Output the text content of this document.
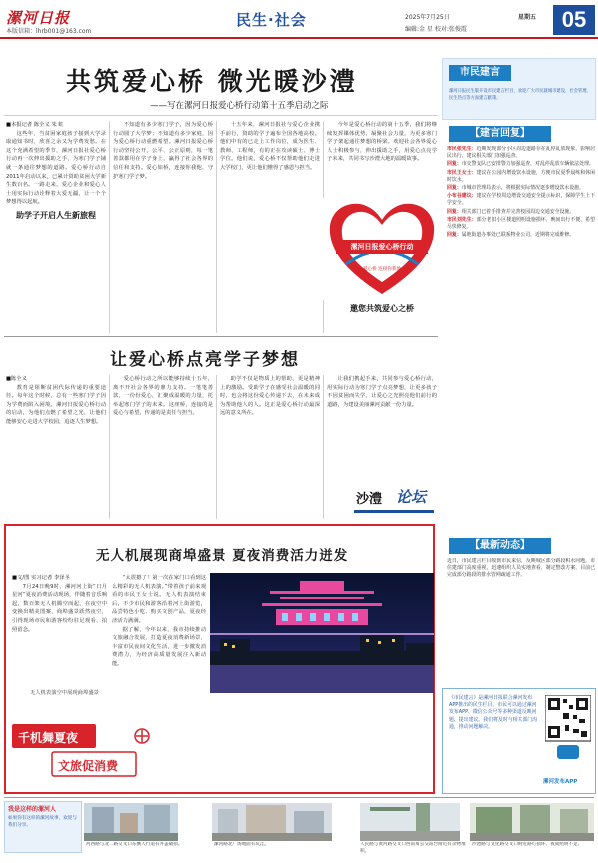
漯河日报
本版信箱：lhrb001@163.com
民生·社会	2025年7月25日	星期五
编辑:金 星 校对:张俊霞	05
共筑爱心桥 微光暖沙澧
——写在漯河日报爱心桥行动第十五季启动之际
■本报记者 陈全义 朱 虹

这些年，当贫困家庭孩子接到大学录取通知书时，欣喜之余又为学费发愁。在这个充满希望的季节，漯河日报社爱心桥行动再一次伸出援助之手，为寒门学子铺就一条通往梦想的道路。爱心桥行动自2011年启动以来，已累计资助贫困大学新生数百名。一路走来，爱心企业和爱心人士用实际行动诠释着大爱无疆，让一个个梦想得以起航。

助学子开启人生新旅程

不知道有多少寒门学子，因为爱心桥行动圆了大学梦；不知道有多少家庭，因为爱心桥行动重燃希望。漯河日报爱心桥行动坚持公开、公平、公正原则，每一笔善款都用在学子身上，赢得了社会各界的信任和支持。爱心如桥，连接你我他，守护寒门学子梦。

十五年来，漯河日报社与爱心企业携手前行，资助的学子遍布全国各地高校。他们中有的已走上工作岗位，成为医生、教师、工程师，有的正在攻读硕士、博士学位。他们说，爱心桥不仅帮助他们走进大学校门，更让他们懂得了感恩与担当。

今年是爱心桥行动的第十五季，我们将继续发挥媒体优势，凝聚社会力量，为更多寒门学子架起通往梦想的桥梁。欢迎社会各界爱心人士积极参与，伸出援助之手，用爱心点亮学子未来，共同书写沙澧大地的温暖故事。

邀您共筑爱心之桥
漯河日报爱心桥行动
爱心桥 连接你我他
让爱心桥点亮学子梦想
■陈全义

教育是阻断贫困代际传递的重要途径。每年这个时候，总有一些寒门学子因为学费而陷入困境。漯河日报爱心桥行动的启动，为他们点燃了希望之光，让他们能够安心走进大学校园，追逐人生梦想。

爱心桥行动之所以能够持续十五年，离不开社会各界的鼎力支持。一笔笔善款，一份份爱心，汇聚成温暖的力量，托举起寒门学子的未来。这座桥，连接的是爱心与希望，传递的是责任与担当。

助学不仅是物质上的帮助，更是精神上的激励。受助学子在感受社会温暖的同时，也会将这份爱心传递下去，在未来成为帮助他人的人。这正是爱心桥行动最深远的意义所在。

让我们携起手来，共同参与爱心桥行动，用实际行动为寒门学子点亮梦想，让更多孩子不因贫困而失学，让爱心之光照亮他们前行的道路，为建设美丽漯河贡献一份力量。

沙澧 论坛
无人机展现商埠盛景 夏夜消费活力迸发
■文/图 实习记者 李泽圣

7月24日晚9时，漯河河上街“日月星河”夏夜消费活动现场，伴随着音乐响起，数百架无人机腾空而起，在夜空中变换出精美图案，商埠盛景跃然夜空，引得现场市民和游客纷纷驻足观看、拍照留念。

“太震撼了！第一次在家门口看到这么精彩的无人机表演。”带着孩子前来观看的市民王女士说。无人机表演结束后，不少市民和游客沿着河上街游览，品尝特色小吃、购买文创产品，夏夜经济活力满满。

据了解，今年以来，我市持续推动文旅融合发展，打造夏夜消费新场景，丰富市民夜间文化生活，进一步激发消费潜力，为经济高质量发展注入新动能。

无人机表演空中展现商埠盛景
千机舞夏夜
文旅促消费
我是这样的漯河人
如果你有这样的漯河故事，欢迎与我们分享。
河西路与北二路交叉口东侧人行道有井盖破损。	漯河路北广场地面有坑洼。	人民路与黄河路交叉口西南角公交站台附近有杂物堆积。
沙澧路与文化路交叉口附近路灯损坏，夜间照明不足。
市民建言
漯河日报民生版开设市民建言栏目，欢迎广大市民就城市建设、社会管理、民生热点等方面建言献策。
【建言回复】

市民张先生：近期发现部分小区周边道路存在乱停乱放现象，影响居民出行，建议相关部门加强巡查。

回复：市交警支队已安排警力加强巡查，对乱停乱放车辆依法处理。

市民王女士：建议在公园内增设饮水设施，方便市民夏季晨练和休闲时饮水。

回复：市城市管理局表示，将根据实际情况逐步增设饮水设施。

小布谷建议：建议在学校周边增设交通安全提示标识，保障学生上下学安全。

回复：相关部门已着手排查并完善校园周边交通安全设施。

市民刘先生：部分老旧小区楼道照明设施损坏，晚间出行不便，希望尽快修复。

回复：属地街道办事处已联系物业公司，近期将完成维修。

【最新动态】

近日，市民建言栏目收到市民来信，反映城区部分路段积水问题。市住建部门高度重视，迅速组织人员实地查看，制定整改方案，目前已完成部分路段的排水管网疏通工作。

《市民建言》是漯河日报联合漯河发布APP推出的民生栏目，市民可以通过漯河发布APP、微信公众号等多种渠道反映问题、提出建议。我们将及时与相关部门沟通，推动问题解决。
漯河发布APP
